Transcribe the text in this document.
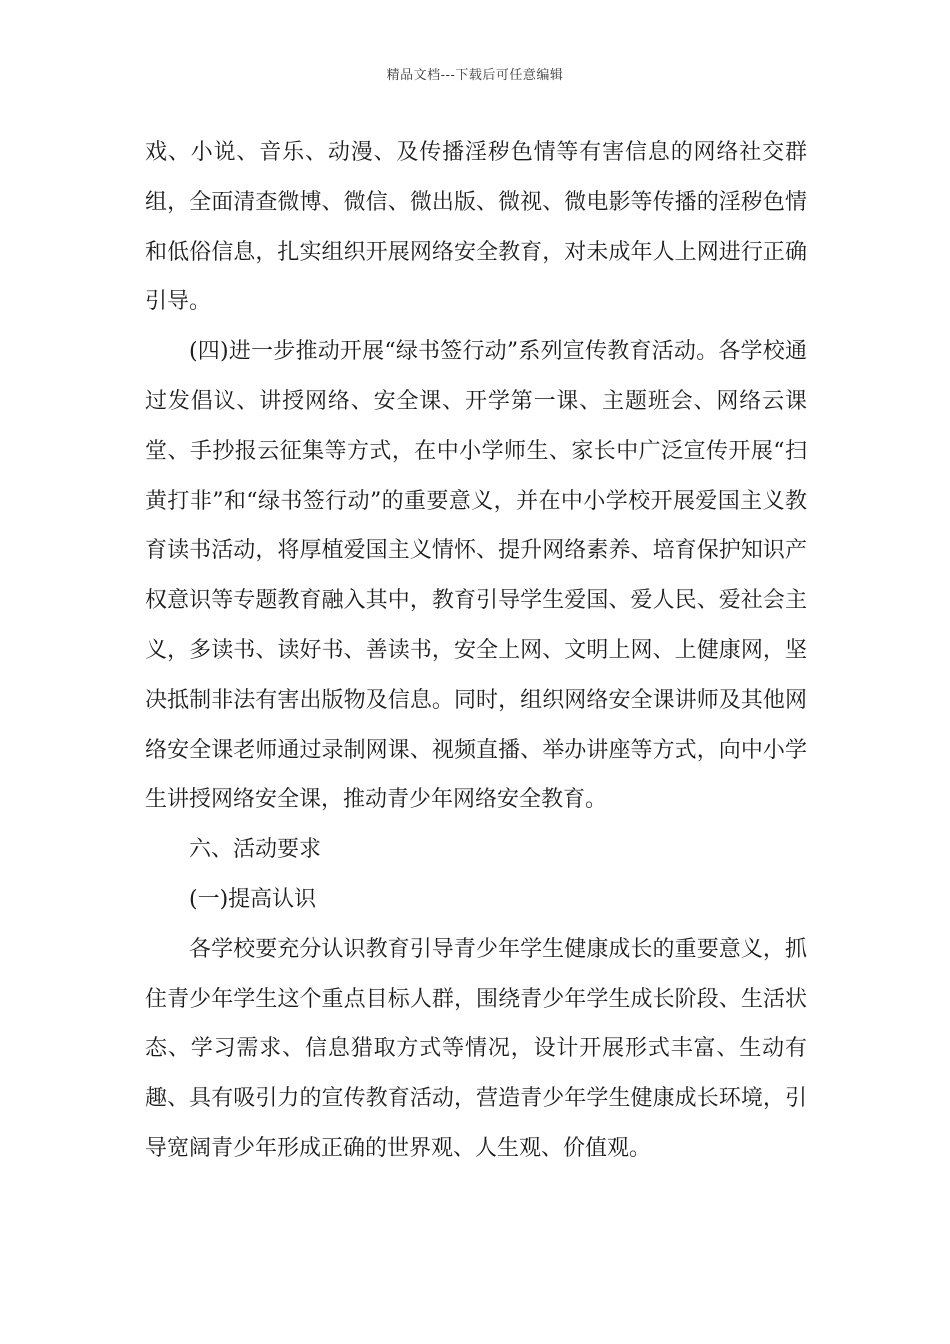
精品文档---下载后可任意编辑

戏、小说、音乐、动漫、及传播淫秽色情等有害信息的网络社交群组，全面清查微博、微信、微出版、微视、微电影等传播的淫秽色情和低俗信息，扎实组织开展网络安全教育，对未成年人上网进行正确引导。

(四)进一步推动开展“绿书签行动”系列宣传教育活动。各学校通过发倡议、讲授网络、安全课、开学第一课、主题班会、网络云课堂、手抄报云征集等方式，在中小学师生、家长中广泛宣传开展“扫黄打非”和“绿书签行动”的重要意义，并在中小学校开展爱国主义教育读书活动，将厚植爱国主义情怀、提升网络素养、培育保护知识产权意识等专题教育融入其中，教育引导学生爱国、爱人民、爱社会主义，多读书、读好书、善读书，安全上网、文明上网、上健康网，坚决抵制非法有害出版物及信息。同时，组织网络安全课讲师及其他网络安全课老师通过录制网课、视频直播、举办讲座等方式，向中小学生讲授网络安全课，推动青少年网络安全教育。

六、活动要求

(一)提高认识

各学校要充分认识教育引导青少年学生健康成长的重要意义，抓住青少年学生这个重点目标人群，围绕青少年学生成长阶段、生活状态、学习需求、信息猎取方式等情况，设计开展形式丰富、生动有趣、具有吸引力的宣传教育活动，营造青少年学生健康成长环境，引导宽阔青少年形成正确的世界观、人生观、价值观。
